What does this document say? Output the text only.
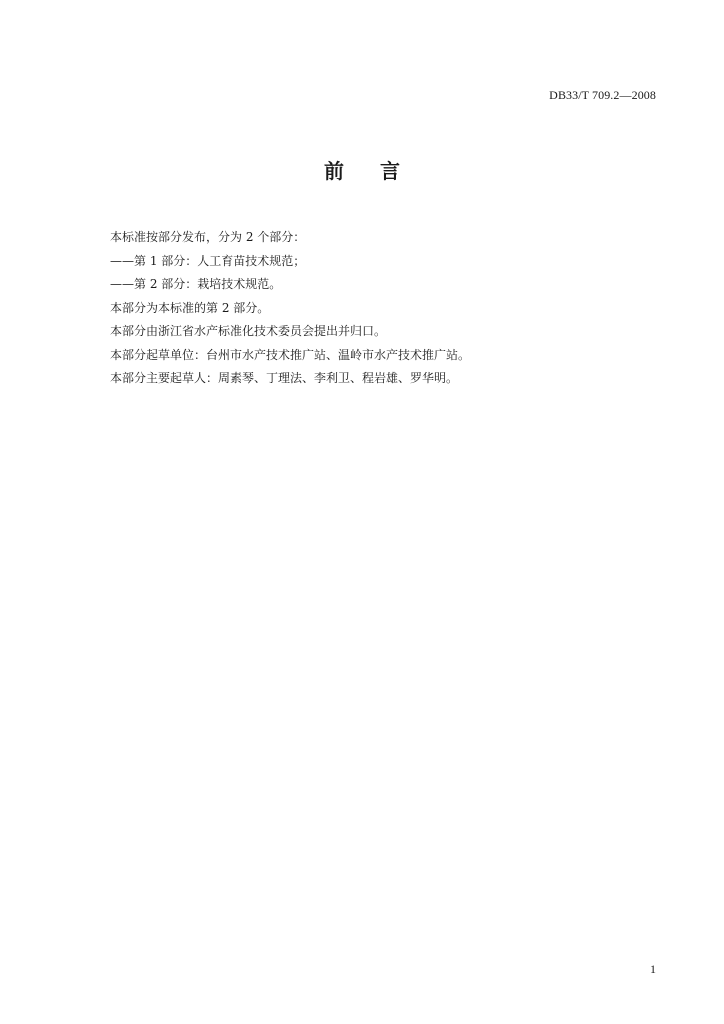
DB33/T 709.2—2008
前 言
本标准按部分发布，分为 2 个部分：
——第 1 部分：人工育苗技术规范；
——第 2 部分：栽培技术规范。
本部分为本标准的第 2 部分。
本部分由浙江省水产标准化技术委员会提出并归口。
本部分起草单位：台州市水产技术推广站、温岭市水产技术推广站。
本部分主要起草人：周素琴、丁理法、李利卫、程岩雄、罗华明。
1
